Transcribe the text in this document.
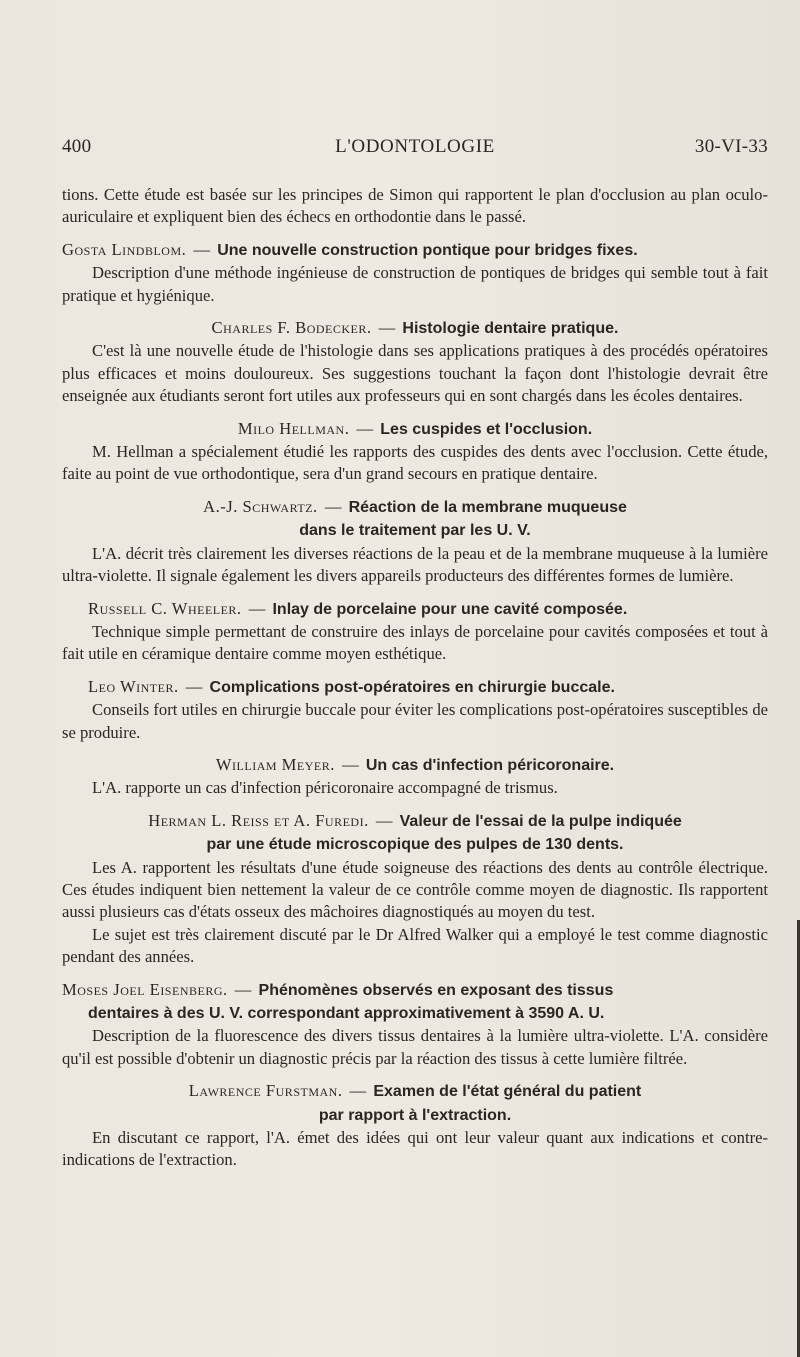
400	L'ODONTOLOGIE	30-VI-33

tions. Cette étude est basée sur les principes de Simon qui rapportent le plan d'occlusion au plan oculo-auriculaire et expliquent bien des échecs en orthodontie dans le passé.

Gosta Lindblom. — Une nouvelle construction pontique pour bridges fixes.

Description d'une méthode ingénieuse de construction de pontiques de bridges qui semble tout à fait pratique et hygiénique.

Charles F. Bodecker. — Histologie dentaire pratique.

C'est là une nouvelle étude de l'histologie dans ses applications pratiques à des procédés opératoires plus efficaces et moins douloureux. Ses suggestions touchant la façon dont l'histologie devrait être enseignée aux étudiants seront fort utiles aux professeurs qui en sont chargés dans les écoles dentaires.

Milo Hellman. — Les cuspides et l'occlusion.

M. Hellman a spécialement étudié les rapports des cuspides des dents avec l'occlusion. Cette étude, faite au point de vue orthodontique, sera d'un grand secours en pratique dentaire.

A.-J. Schwartz. — Réaction de la membrane muqueuse
dans le traitement par les U. V.

L'A. décrit très clairement les diverses réactions de la peau et de la membrane muqueuse à la lumière ultra-violette. Il signale également les divers appareils producteurs des différentes formes de lumière.

Russell C. Wheeler. — Inlay de porcelaine pour une cavité composée.

Technique simple permettant de construire des inlays de porcelaine pour cavités composées et tout à fait utile en céramique dentaire comme moyen esthétique.

Leo Winter. — Complications post-opératoires en chirurgie buccale.

Conseils fort utiles en chirurgie buccale pour éviter les complications post-opératoires susceptibles de se produire.

William Meyer. — Un cas d'infection péricoronaire.

L'A. rapporte un cas d'infection péricoronaire accompagné de trismus.

Herman L. Reiss et A. Furedi. — Valeur de l'essai de la pulpe indiquée
par une étude microscopique des pulpes de 130 dents.

Les A. rapportent les résultats d'une étude soigneuse des réactions des dents au contrôle électrique. Ces études indiquent bien nettement la valeur de ce contrôle comme moyen de diagnostic. Ils rapportent aussi plusieurs cas d'états osseux des mâchoires diagnostiqués au moyen du test.

Le sujet est très clairement discuté par le Dr Alfred Walker qui a employé le test comme diagnostic pendant des années.

Moses Joel Eisenberg. — Phénomènes observés en exposant des tissus
dentaires à des U. V. correspondant approximativement à 3590 A. U.

Description de la fluorescence des divers tissus dentaires à la lumière ultra-violette. L'A. considère qu'il est possible d'obtenir un diagnostic précis par la réaction des tissus à cette lumière filtrée.

Lawrence Furstman. — Examen de l'état général du patient
par rapport à l'extraction.

En discutant ce rapport, l'A. émet des idées qui ont leur valeur quant aux indications et contre-indications de l'extraction.
